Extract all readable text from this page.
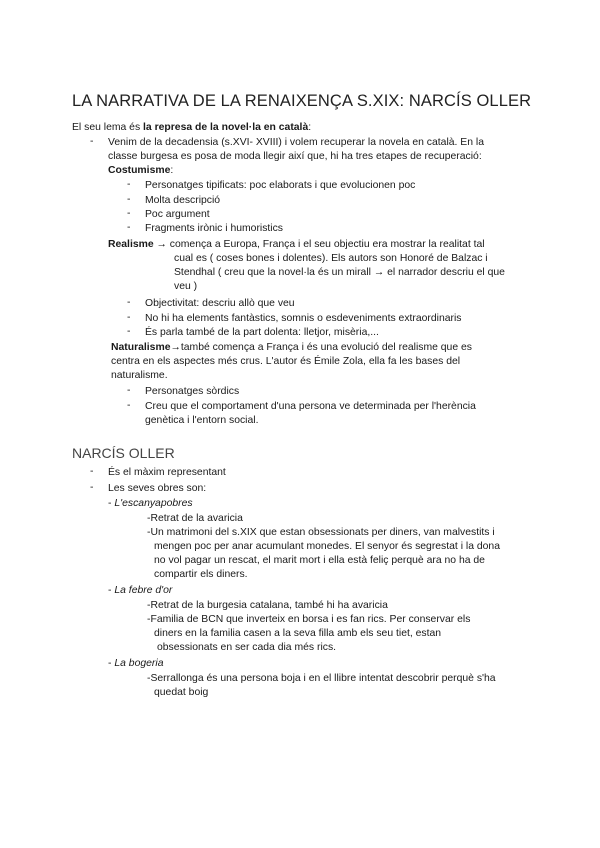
LA NARRATIVA DE LA RENAIXENÇA S.XIX: NARCÍS OLLER
El seu lema és la represa de la novel·la en català:
- Venim de la decadensia (s.XVI- XVIII) i volem recuperar la novela en català. En la
classe burgesa es posa de moda llegir així que, hi ha tres etapes de recuperació:
Costumisme:
- Personatges tipificats: poc elaborats i que evolucionen poc
- Molta descripció
- Poc argument
- Fragments irònic i humoristics
Realisme → comença a Europa, França i el seu objectiu era mostrar la realitat tal
cual es ( coses bones i dolentes). Els autors son Honoré de Balzac i
Stendhal ( creu que la novel·la és un mirall → el narrador descriu el que
veu )
- Objectivitat: descriu allò que veu
- No hi ha elements fantàstics, somnis o esdeveniments extraordinaris
- És parla també de la part dolenta: lletjor, misèria,...
Naturalisme→també comença a França i és una evolució del realisme que es
centra en els aspectes més crus. L'autor és Émile Zola, ella fa les bases del
naturalisme.
- Personatges sòrdics
- Creu que el comportament d'una persona ve determinada per l'herència
genètica i l'entorn social.
NARCÍS OLLER
- És el màxim representant
- Les seves obres son:
- L'escanyapobres
-Retrat de la avaricia
-Un matrimoni del s.XIX que estan obsessionats per diners, van malvestits i
mengen poc per anar acumulant monedes. El senyor és segrestat i la dona
no vol pagar un rescat, el marit mort i ella està feliç perquè ara no ha de
compartir els diners.
- La febre d'or
-Retrat de la burgesia catalana, també hi ha avaricia
-Familia de BCN que inverteix en borsa i es fan rics. Per conservar els
diners en la familia casen a la seva filla amb els seu tiet, estan
obsessionats en ser cada dia més rics.
- La bogeria
-Serrallonga és una persona boja i en el llibre intentat descobrir perquè s'ha
quedat boig
